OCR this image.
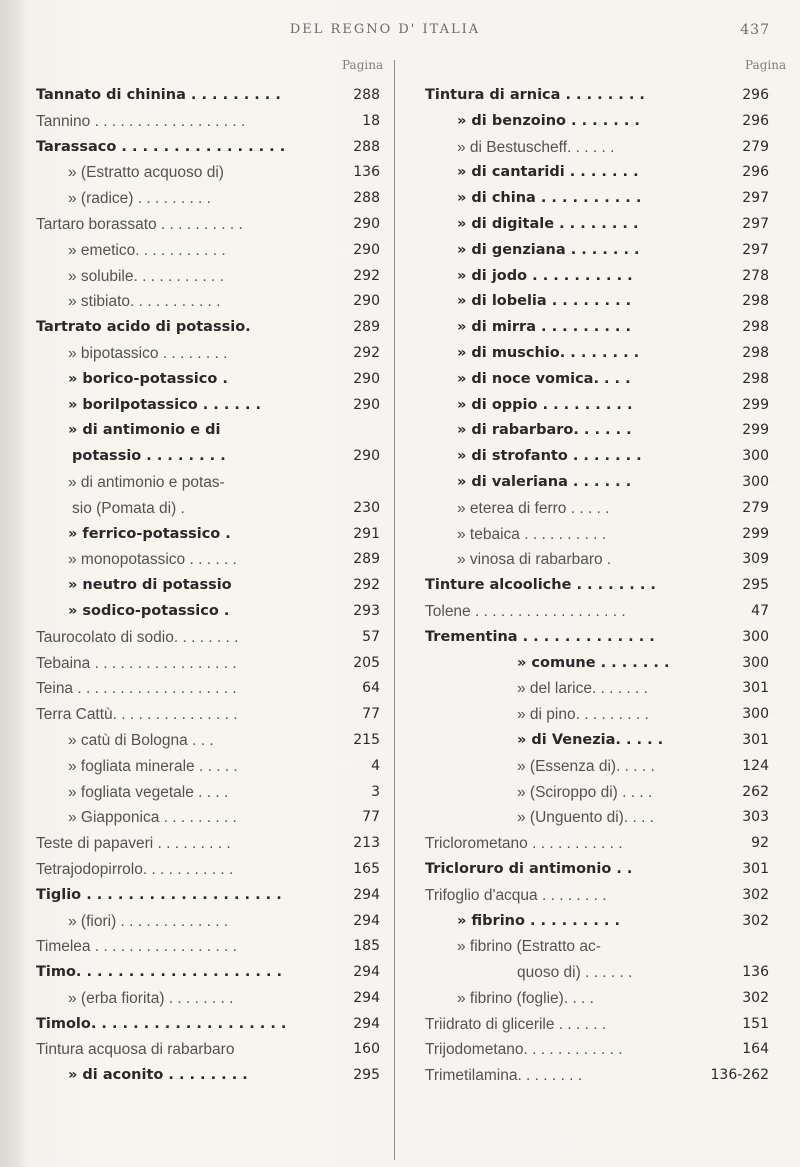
DEL REGNO D' ITALIA	437
Pagina	Pagina
Tannato di chinina . . . . . . . . .	288
Tannino . . . . . . . . . . . . . . . . . .	18
Tarassaco . . . . . . . . . . . . . . . .	288
» (Estratto acquoso di)	136
» (radice) . . . . . . . . .	288
Tartaro borassato . . . . . . . . . .	290
» emetico. . . . . . . . . . .	290
» solubile. . . . . . . . . . .	292
» stibiato. . . . . . . . . . .	290
Tartrato acido di potassio.	289
» bipotassico . . . . . . . .	292
» borico-potassico .	290
» borilpotassico . . . . . .	290
» di antimonio e di
potassio . . . . . . . .	290
» di antimonio e potas-
sio (Pomata di) .	230
» ferrico-potassico .	291
» monopotassico . . . . . .	289
» neutro di potassio	292
» sodico-potassico .	293
Taurocolato di sodio. . . . . . . .	57
Tebaina . . . . . . . . . . . . . . . . .	205
Teina . . . . . . . . . . . . . . . . . . .	64
Terra Cattù. . . . . . . . . . . . . . .	77
» catù di Bologna . . .	215
» fogliata minerale . . . . .	4
» fogliata vegetale . . . .	3
» Giapponica . . . . . . . . .	77
Teste di papaveri . . . . . . . . .	213
Tetrajodopirrolo. . . . . . . . . . .	165
Tiglio . . . . . . . . . . . . . . . . . . .	294
» (fiori) . . . . . . . . . . . . .	294
Timelea . . . . . . . . . . . . . . . . .	185
Timo. . . . . . . . . . . . . . . . . . . .	294
» (erba fiorita) . . . . . . . .	294
Timolo. . . . . . . . . . . . . . . . . . .	294
Tintura acquosa di rabarbaro	160
» di aconito . . . . . . . .	295
Tintura di arnica . . . . . . . .	296
» di benzoino . . . . . . .	296
» di Bestuscheff. . . . . .	279
» di cantaridi . . . . . . .	296
» di china . . . . . . . . . .	297
» di digitale . . . . . . . .	297
» di genziana . . . . . . .	297
» di jodo . . . . . . . . . .	278
» di lobelia . . . . . . . .	298
» di mirra . . . . . . . . .	298
» di muschio. . . . . . . .	298
» di noce vomica. . . .	298
» di oppio . . . . . . . . .	299
» di rabarbaro. . . . . .	299
» di strofanto . . . . . . .	300
» di valeriana . . . . . .	300
» eterea di ferro . . . . .	279
» tebaica . . . . . . . . . .	299
» vinosa di rabarbaro .	309
Tinture alcooliche . . . . . . . .	295
Tolene . . . . . . . . . . . . . . . . . .	47
Trementina . . . . . . . . . . . . .	300
» comune . . . . . . .	300
» del larice. . . . . . .	301
» di pino. . . . . . . . .	300
» di Venezia. . . . .	301
» (Essenza di). . . . .	124
» (Sciroppo di) . . . .	262
» (Unguento di). . . .	303
Triclorometano . . . . . . . . . . .	92
Tricloruro di antimonio . .	301
Trifoglio d'acqua . . . . . . . .	302
» fibrino . . . . . . . . .	302
» fibrino (Estratto ac-
quoso di) . . . . . .	136
» fibrino (foglie). . . .	302
Triidrato di glicerile . . . . . .	151
Trijodometano. . . . . . . . . . . .	164
Trimetilamina. . . . . . . .	136-262
